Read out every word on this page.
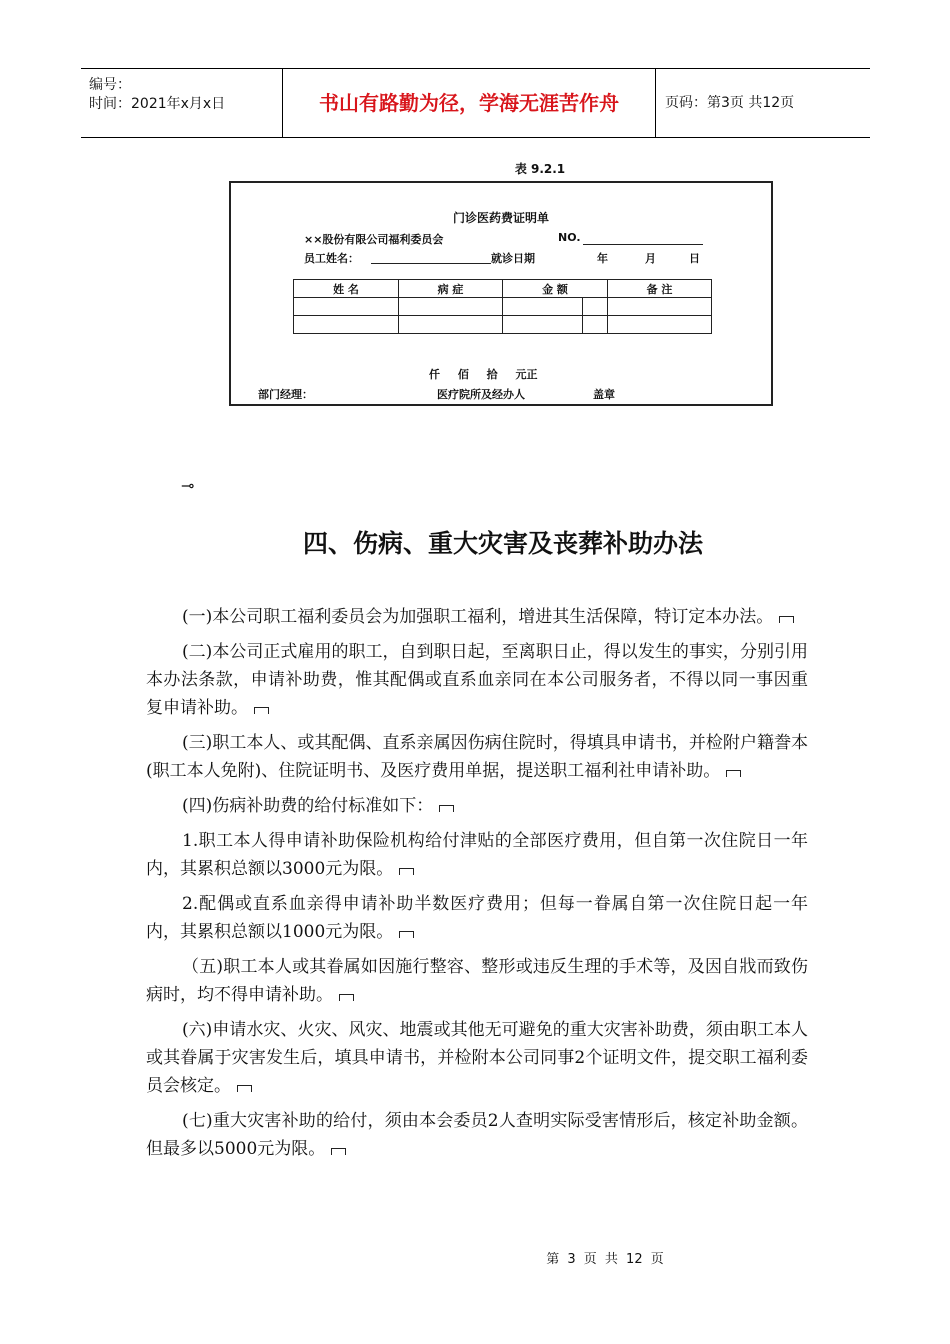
编号：
时间：2021年x月x日	书山有路勤为径，学海无涯苦作舟	页码：第3页 共12页
表 9.2.1
门诊医药费证明单
××股份有限公司福利委员会	NO.
员工姓名：	就诊日期	年	月	日
姓 名	病 症	金 额		备 注

仟 佰 拾 元正
部门经理：	医疗院所及经办人	盖章
⊸
四、伤病、重大灾害及丧葬补助办法

(一)本公司职工福利委员会为加强职工福利，增进其生活保障，特订定本办法。

(二)本公司正式雇用的职工，自到职日起，至离职日止，得以发生的事实，分别引用本办法条款，申请补助费，惟其配偶或直系血亲同在本公司服务者，不得以同一事因重复申请补助。

(三)职工本人、或其配偶、直系亲属因伤病住院时，得填具申请书，并检附户籍誊本(职工本人免附)、住院证明书、及医疗费用单据，提送职工福利社申请补助。

(四)伤病补助费的给付标准如下：

1.职工本人得申请补助保险机构给付津贴的全部医疗费用，但自第一次住院日一年内，其累积总额以3000元为限。

2.配偶或直系血亲得申请补助半数医疗费用；但每一眷属自第一次住院日起一年内，其累积总额以1000元为限。

（五)职工本人或其眷属如因施行整容、整形或违反生理的手术等，及因自戕而致伤病时，均不得申请补助。

(六)申请水灾、火灾、风灾、地震或其他无可避免的重大灾害补助费，须由职工本人或其眷属于灾害发生后，填具申请书，并检附本公司同事2个证明文件，提交职工福利委员会核定。

(七)重大灾害补助的给付，须由本会委员2人查明实际受害情形后，核定补助金额。但最多以5000元为限。

第 3 页 共 12 页
